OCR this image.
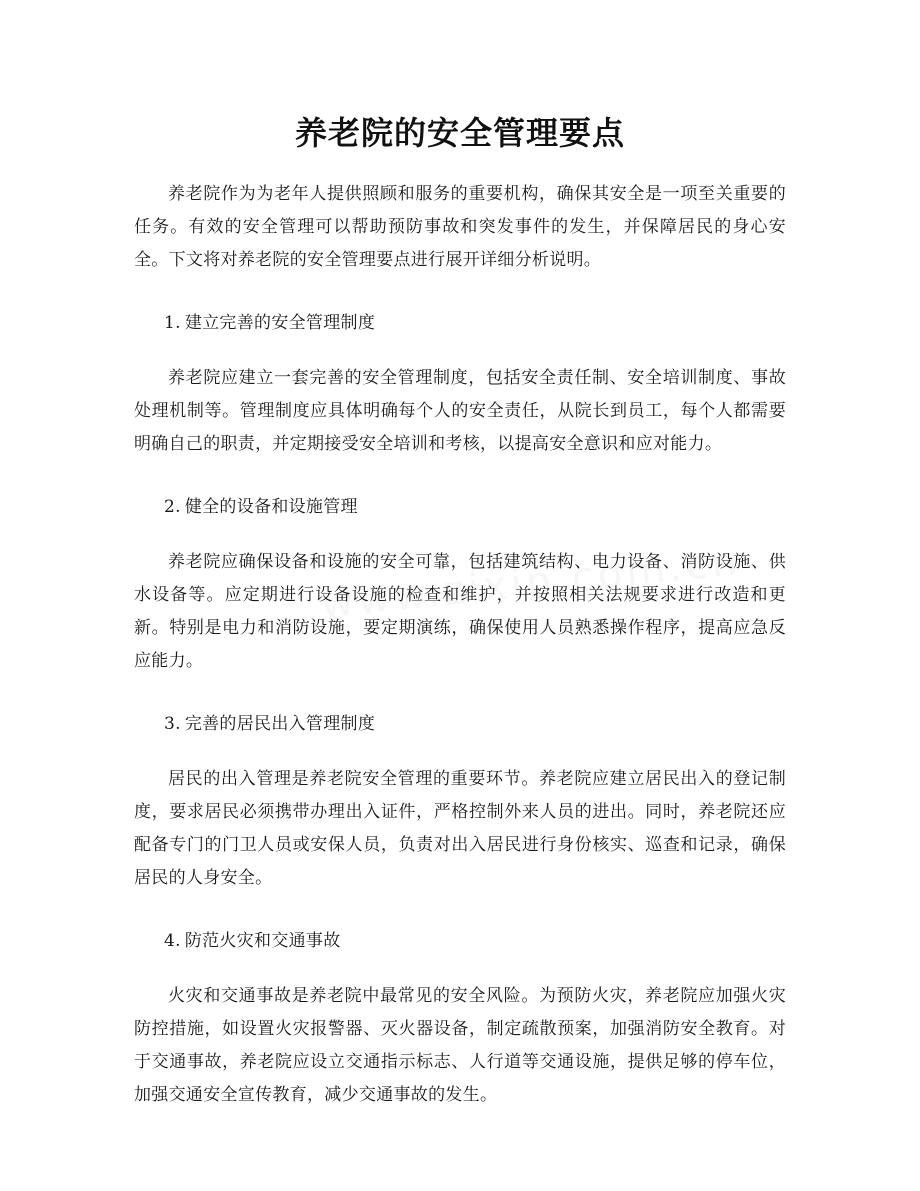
养老院的安全管理要点

养老院作为为老年人提供照顾和服务的重要机构，确保其安全是一项至关重要的任务。有效的安全管理可以帮助预防事故和突发事件的发生，并保障居民的身心安全。下文将对养老院的安全管理要点进行展开详细分析说明。

1. 建立完善的安全管理制度

养老院应建立一套完善的安全管理制度，包括安全责任制、安全培训制度、事故处理机制等。管理制度应具体明确每个人的安全责任，从院长到员工，每个人都需要明确自己的职责，并定期接受安全培训和考核，以提高安全意识和应对能力。

2. 健全的设备和设施管理

养老院应确保设备和设施的安全可靠，包括建筑结构、电力设备、消防设施、供水设备等。应定期进行设备设施的检查和维护，并按照相关法规要求进行改造和更新。特别是电力和消防设施，要定期演练，确保使用人员熟悉操作程序，提高应急反应能力。

3. 完善的居民出入管理制度

居民的出入管理是养老院安全管理的重要环节。养老院应建立居民出入的登记制度，要求居民必须携带办理出入证件，严格控制外来人员的进出。同时，养老院还应配备专门的门卫人员或安保人员，负责对出入居民进行身份核实、巡查和记录，确保居民的人身安全。

4. 防范火灾和交通事故

火灾和交通事故是养老院中最常见的安全风险。为预防火灾，养老院应加强火灾防控措施，如设置火灾报警器、灭火器设备，制定疏散预案，加强消防安全教育。对于交通事故，养老院应设立交通指示标志、人行道等交通设施，提供足够的停车位，加强交通安全宣传教育，减少交通事故的发生。
